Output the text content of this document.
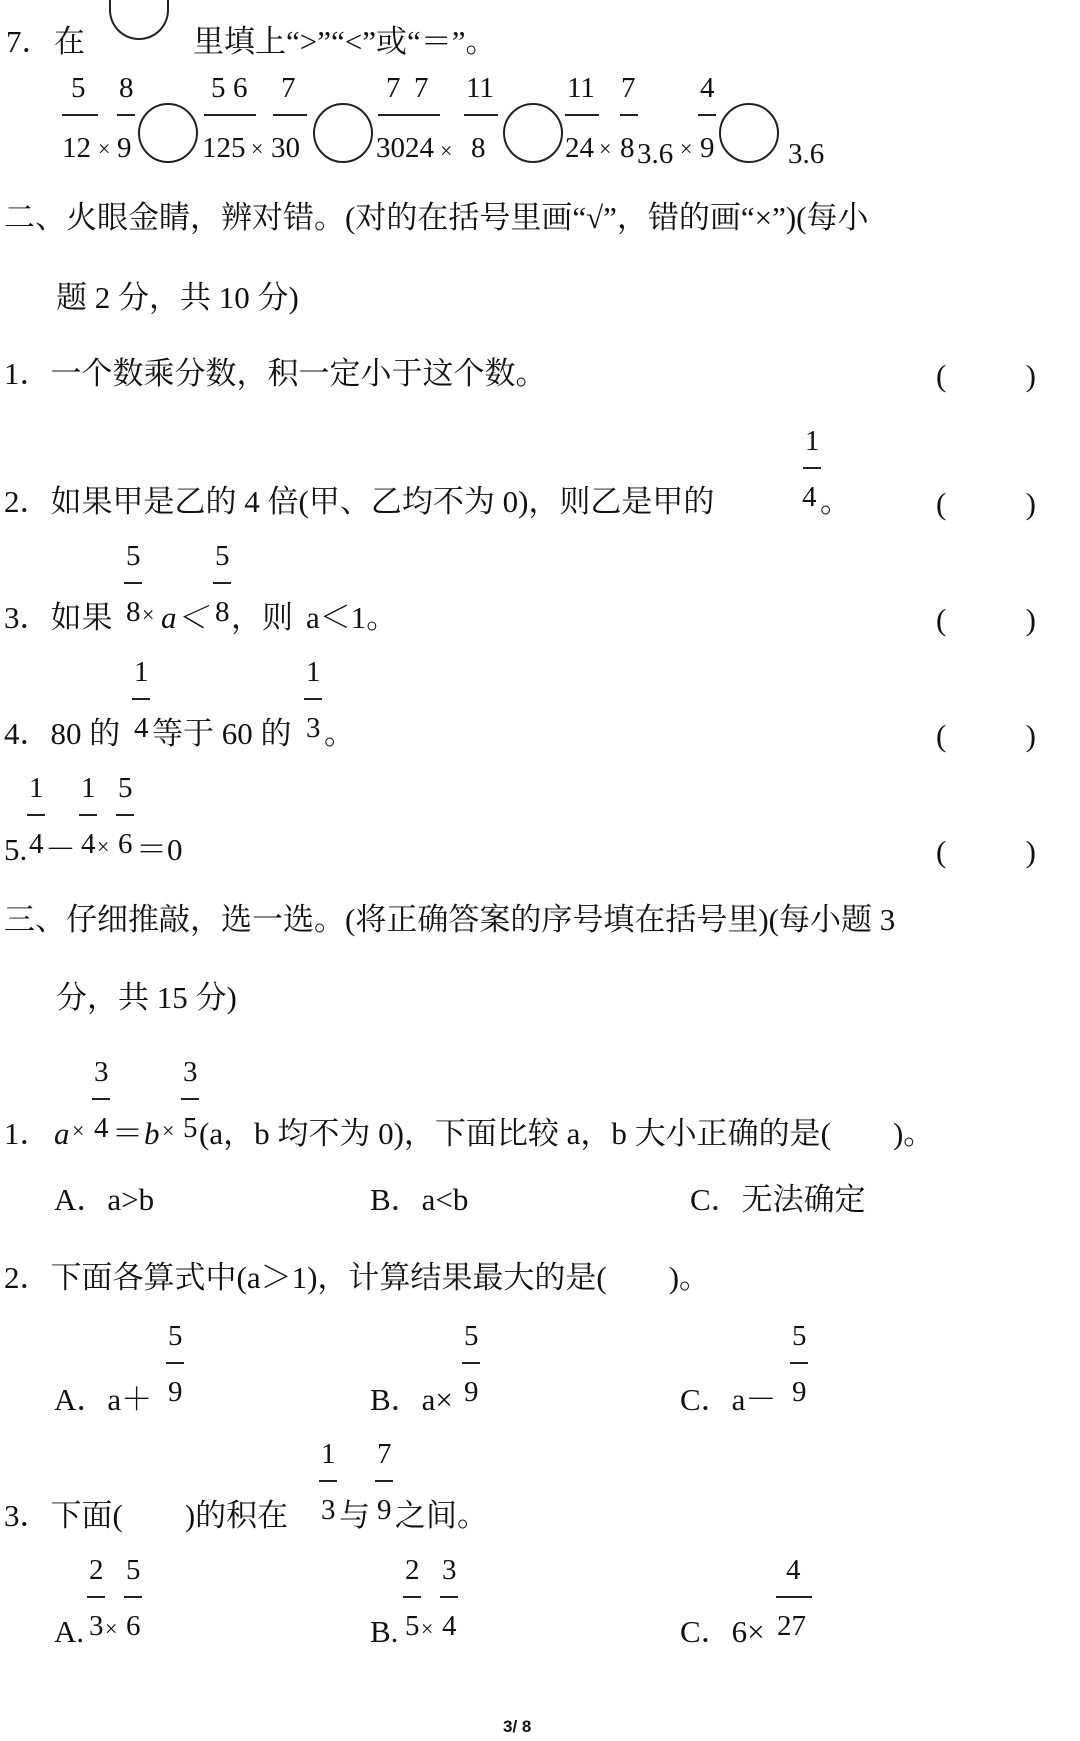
7． 在	里填上“>”“<”或“＝”。
5
12 ×
8
9
5 6
125 ×
7
30
7 7
3024 ×
11
8
11
24 ×
7
8 3.6 ×
4
9	3.6
二、火眼金睛，辨对错。(对的在括号里画“√”，错的画“×”)(每小
题 2 分，共 10 分)
1．一个数乘分数，积一定小于这个数。	(	)
1
2．如果甲是乙的 4 倍(甲、乙均不为 0)，则乙是甲的	4 。	(	)
3．如果
5
8 × a＜
5
8 ，则 a＜1。	(	)
4．80 的
1
4 等于 60 的
1
3 。	(	)
5.
1
4 －
1
4 ×
5
6 ＝0	(	)
三、仔细推敲，选一选。(将正确答案的序号填在括号里)(每小题 3
分，共 15 分)
1． a ×
3
4 ＝ b ×
3
5 (a，b 均不为 0)，下面比较 a，b 大小正确的是(　　)。
A．a>b	B．a<b	C．无法确定
2．下面各算式中(a＞1)，计算结果最大的是(　　)。
A．a＋
5
9	B．a×
5
9	C．a－
5
9
3．下面(　　)的积在
1
3 与
7
9 之间。
A.
2
3 ×
5
6	B.
2
5 ×
3
4	C．6×
4
27
3/ 8
